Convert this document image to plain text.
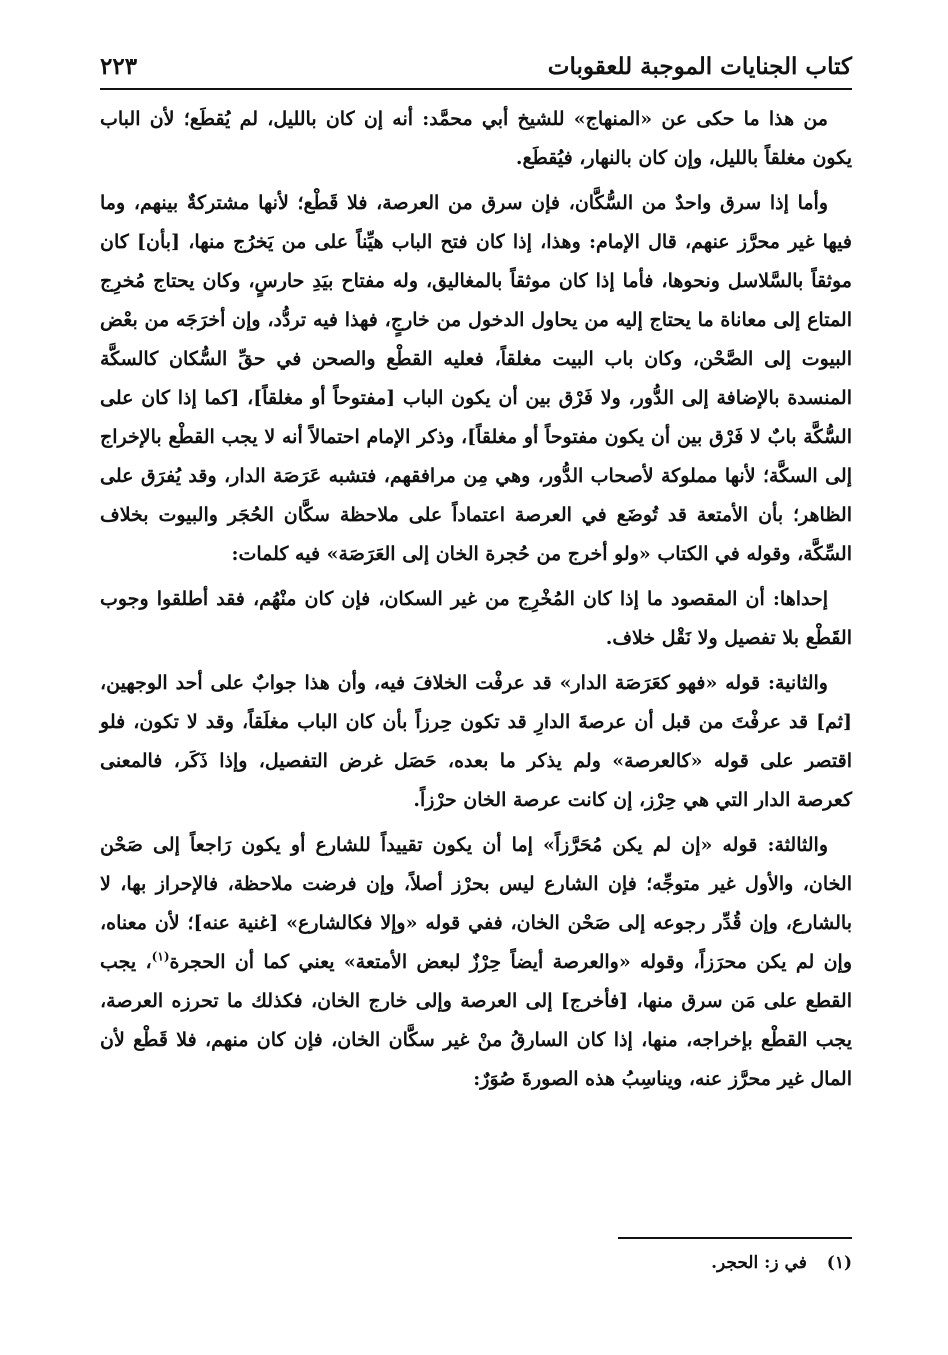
كتاب الجنايات الموجبة للعقوبات
٢٢٣

من هذا ما حكى عن «المنهاج» للشيخ أبي محمَّد: أنه إن كان بالليل، لم يُقطَع؛ لأن الباب يكون مغلقاً بالليل، وإن كان بالنهار، فيُقطَع.

وأما إذا سرق واحدٌ من السُّكَّان، فإن سرق من العرصة، فلا قَطْع؛ لأنها مشتركةٌ بينهم، وما فيها غير محرَّز عنهم، قال الإمام: وهذا، إذا كان فتح الباب هيِّناً على من يَخرُج منها، [بأن] كان موثقاً بالسَّلاسل ونحوها، فأما إذا كان موثقاً بالمغاليق، وله مفتاح بيَدِ حارسٍ، وكان يحتاج مُخرِج المتاع إلى معاناة ما يحتاج إليه من يحاول الدخول من خارجٍ، فهذا فيه تردُّد، وإن أخرَجَه من بعْض البيوت إلى الصَّحْن، وكان باب البيت مغلقاً، فعليه القطْع والصحن في حقِّ السُّكان كالسكَّة المنسدة بالإضافة إلى الدُّور، ولا فَرْق بين أن يكون الباب [مفتوحاً أو مغلقاً]، [كما إذا كان على السُّكَّة بابٌ لا فَرْق بين أن يكون مفتوحاً أو مغلقاً]، وذكر الإمام احتمالاً أنه لا يجب القطْع بالإخراج إلى السكَّة؛ لأنها مملوكة لأصحاب الدُّور، وهي مِن مرافقهم، فتشبه عَرَصَة الدار، وقد يُفرَق على الظاهر؛ بأن الأمتعة قد تُوضَع في العرصة اعتماداً على ملاحظة سكَّان الحُجَر والبيوت بخلاف السِّكَّة، وقوله في الكتاب «ولو أخرج من حُجرة الخان إلى العَرَصَة» فيه كلمات:

إحداها: أن المقصود ما إذا كان المُخْرِج من غير السكان، فإن كان منْهُم، فقد أطلقوا وجوب القَطْع بلا تفصيل ولا نَقْل خلاف.

والثانية: قوله «فهو كعَرَصَة الدار» قد عرفْت الخلافَ فيه، وأن هذا جوابٌ على أحد الوجهين، [ثم] قد عرفْتَ من قبل أن عرصةَ الدارِ قد تكون حِرزاً بأن كان الباب مغلَقاً، وقد لا تكون، فلو اقتصر على قوله «كالعرصة» ولم يذكر ما بعده، حَصَل غرض التفصيل، وإذا ذَكَر، فالمعنى كعرصة الدار التي هي حِرْز، إن كانت عرصة الخان حرْزاً.

والثالثة: قوله «إن لم يكن مُحَرَّزاً» إما أن يكون تقييداً للشارع أو يكون رَاجعاً إلى صَحْن الخان، والأول غير متوجِّه؛ فإن الشارع ليس بحرْز أصلاً، وإن فرضت ملاحظة، فالإحراز بها، لا بالشارع، وإن قُدِّر رجوعه إلى صَحْن الخان، ففي قوله «وإلا فكالشارع» [غنية عنه]؛ لأن معناه، وإن لم يكن محرَزاً، وقوله «والعرصة أيضاً حِرْزٌ لبعض الأمتعة» يعني كما أن الحجرة$^{(١)}$، يجب القطع على مَن سرق منها، [فأخرج] إلى العرصة وإلى خارج الخان، فكذلك ما تحرزه العرصة، يجب القطْع بإخراجه، منها، إذا كان السارقُ منْ غير سكَّان الخان، فإن كان منهم، فلا قَطْع لأن المال غير محرَّز عنه، ويناسِبُ هذه الصورةَ صُوَرٌ:

(١) في ز: الحجر.
